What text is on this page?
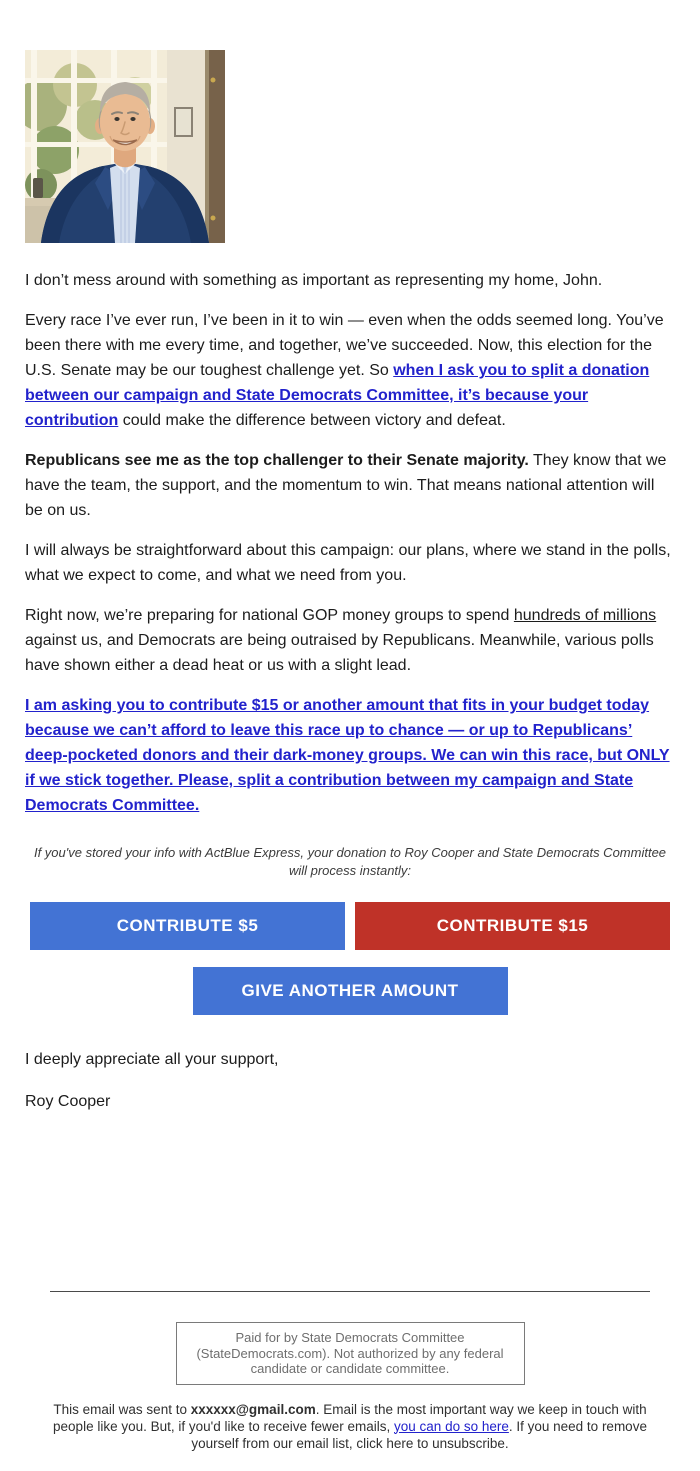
I don’t mess around with something as important as representing my home, John.

Every race I’ve ever run, I’ve been in it to win — even when the odds seemed long. You’ve been there with me every time, and together, we’ve succeeded. Now, this election for the U.S. Senate may be our toughest challenge yet. So when I ask you to split a donation between our campaign and State Democrats Committee, it’s because your contribution could make the difference between victory and defeat.

Republicans see me as the top challenger to their Senate majority. They know that we have the team, the support, and the momentum to win. That means national attention will be on us.

I will always be straightforward about this campaign: our plans, where we stand in the polls, what we expect to come, and what we need from you.

Right now, we’re preparing for national GOP money groups to spend hundreds of millions against us, and Democrats are being outraised by Republicans. Meanwhile, various polls have shown either a dead heat or us with a slight lead.

I am asking you to contribute $15 or another amount that fits in your budget today because we can’t afford to leave this race up to chance — or up to Republicans’ deep-pocketed donors and their dark-money groups. We can win this race, but ONLY if we stick together. Please, split a contribution between my campaign and State Democrats Committee.

If you've stored your info with ActBlue Express, your donation to Roy Cooper and State Democrats Committee will process instantly:

CONTRIBUTE $5	CONTRIBUTE $15
GIVE ANOTHER AMOUNT

I deeply appreciate all your support,

Roy Cooper

Paid for by State Democrats Committee (StateDemocrats.com). Not authorized by any federal candidate or candidate committee.
This email was sent to xxxxxx@gmail.com. Email is the most important way we keep in touch with people like you. But, if you'd like to receive fewer emails, you can do so here. If you need to remove yourself from our email list, click here to unsubscribe.
